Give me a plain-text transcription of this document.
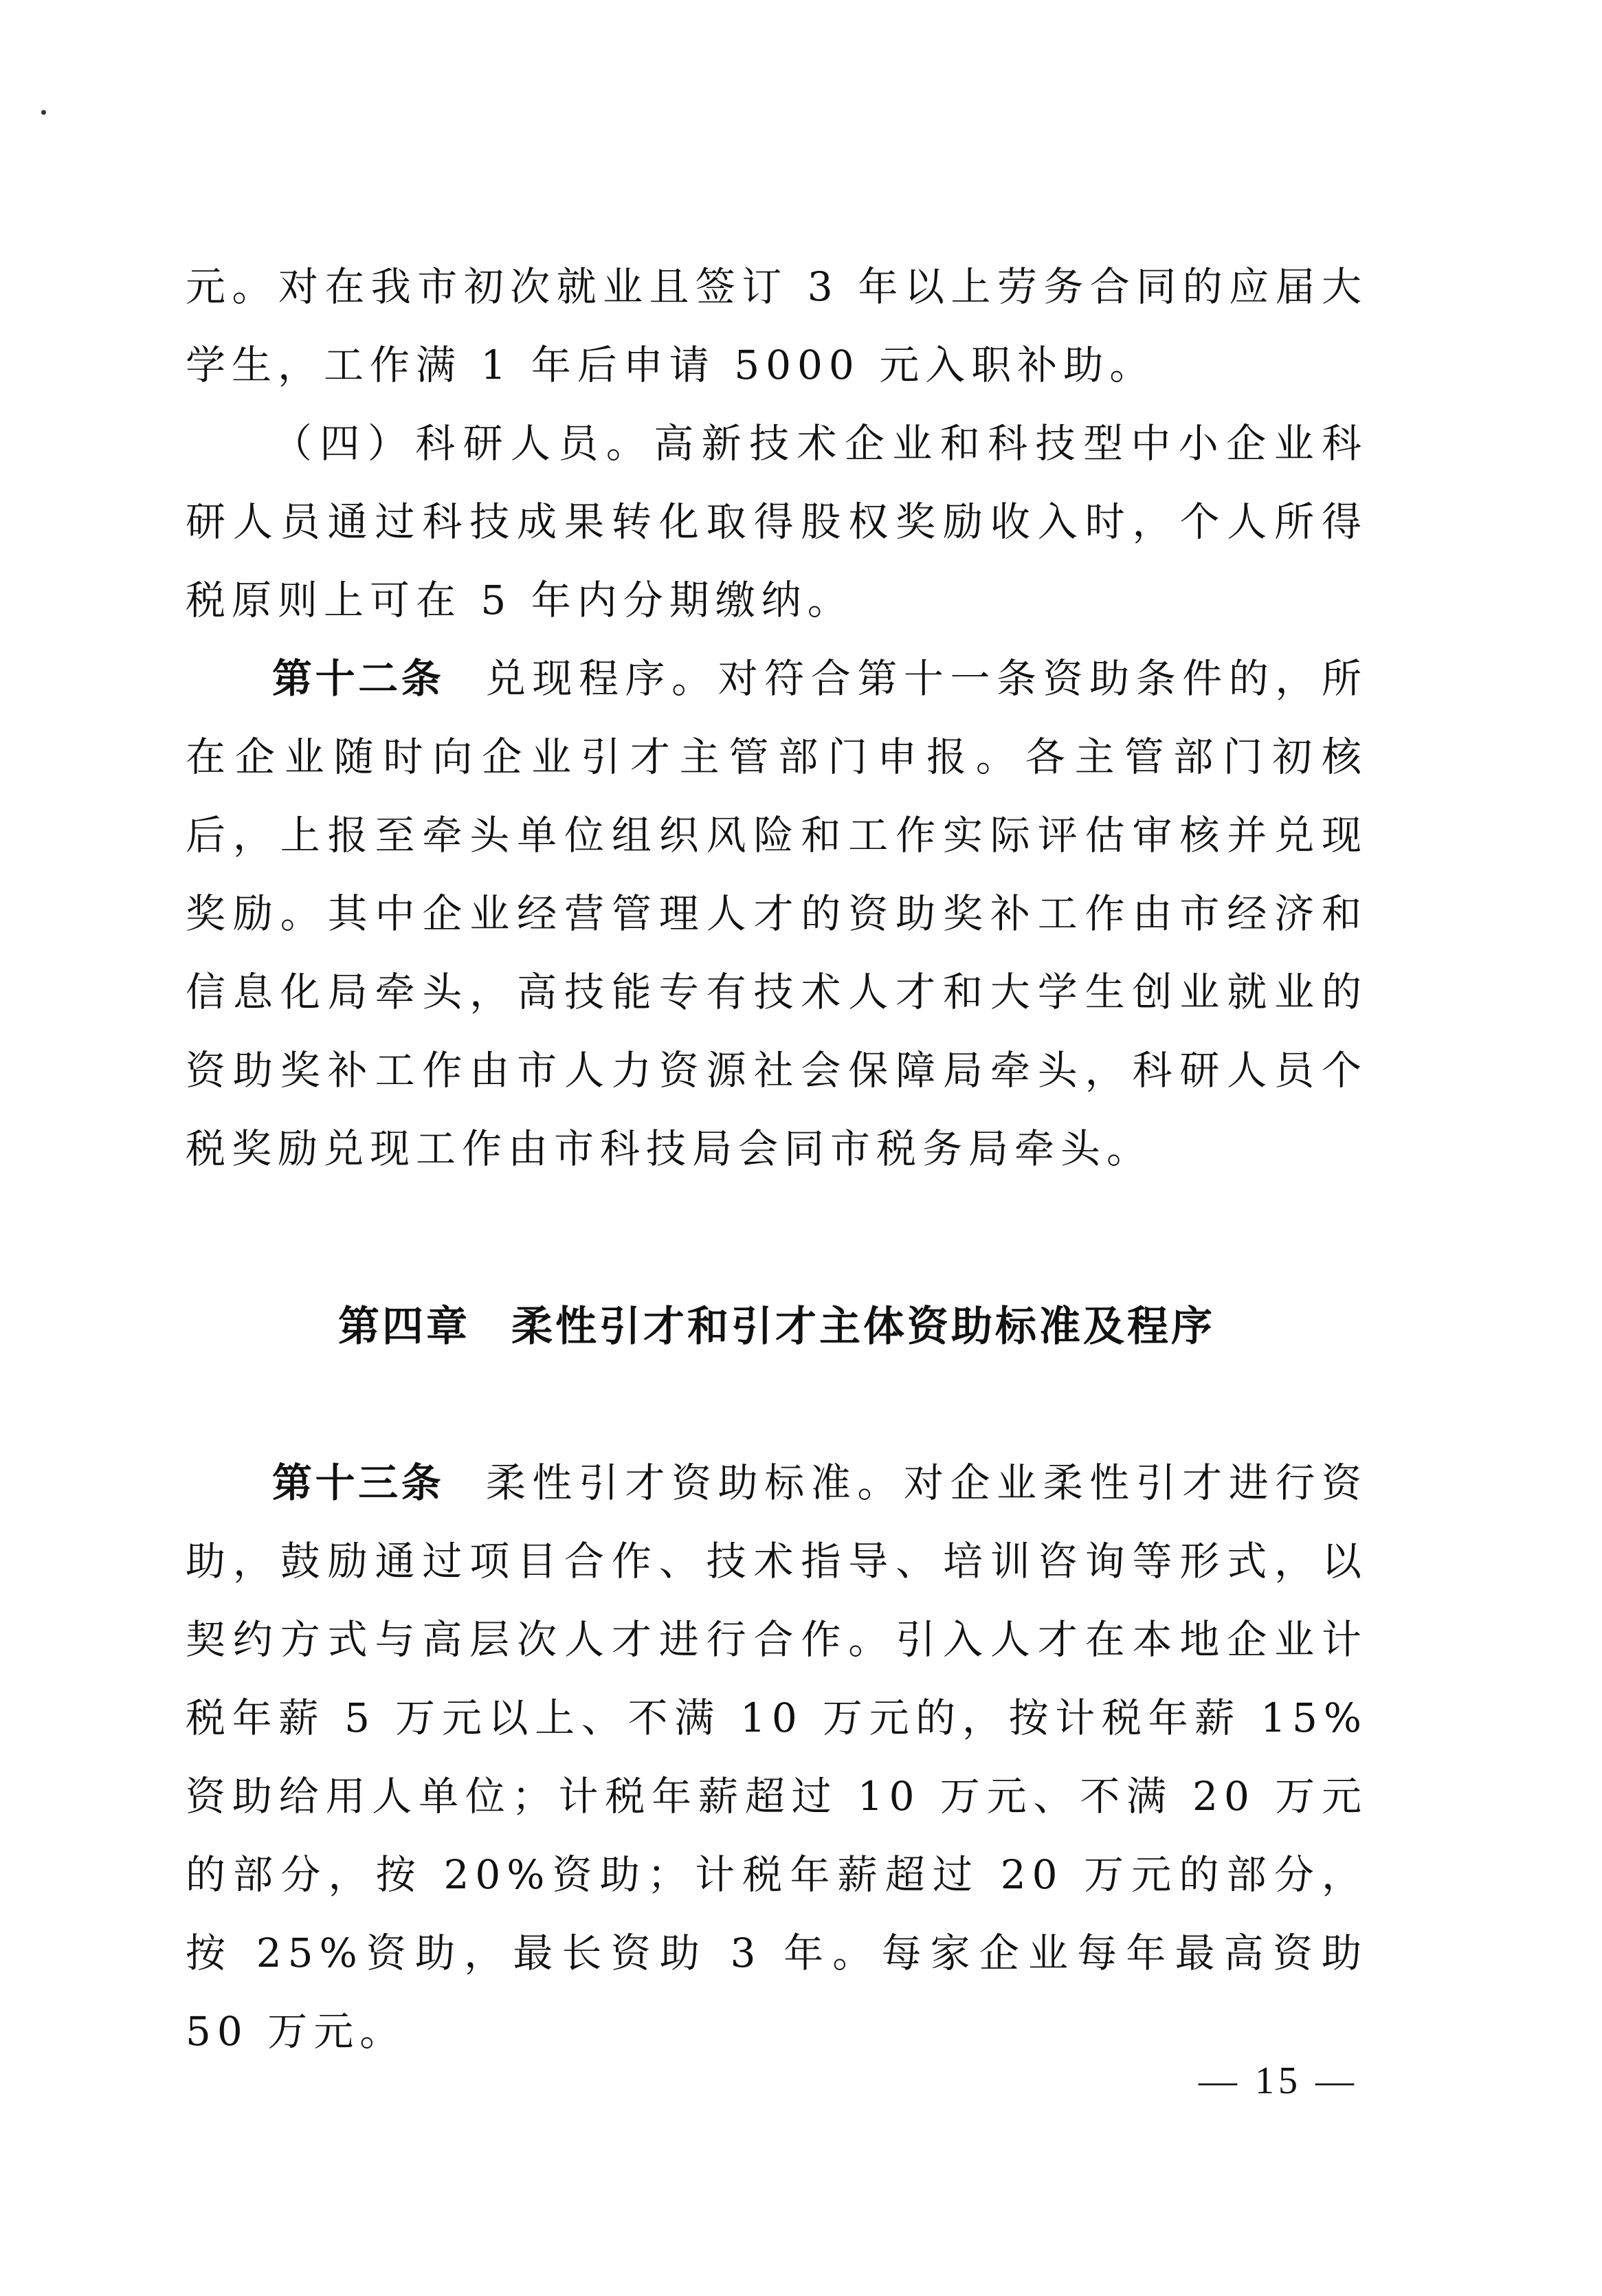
元。对在我市初次就业且签订 3 年以上劳务合同的应届大学生，工作满 1 年后申请 5000 元入职补助。

（四）科研人员。高新技术企业和科技型中小企业科研人员通过科技成果转化取得股权奖励收入时，个人所得税原则上可在 5 年内分期缴纳。

第十二条 兑现程序。对符合第十一条资助条件的，所在企业随时向企业引才主管部门申报。各主管部门初核后，上报至牵头单位组织风险和工作实际评估审核并兑现奖励。其中企业经营管理人才的资助奖补工作由市经济和信息化局牵头，高技能专有技术人才和大学生创业就业的资助奖补工作由市人力资源社会保障局牵头，科研人员个税奖励兑现工作由市科技局会同市税务局牵头。

第四章 柔性引才和引才主体资助标准及程序

第十三条 柔性引才资助标准。对企业柔性引才进行资助，鼓励通过项目合作、技术指导、培训咨询等形式，以契约方式与高层次人才进行合作。引入人才在本地企业计税年薪 5 万元以上、不满 10 万元的，按计税年薪 15%资助给用人单位；计税年薪超过 10 万元、不满 20 万元的部分，按 20%资助；计税年薪超过 20 万元的部分，按 25%资助，最长资助 3 年。每家企业每年最高资助 50 万元。

— 15 —
